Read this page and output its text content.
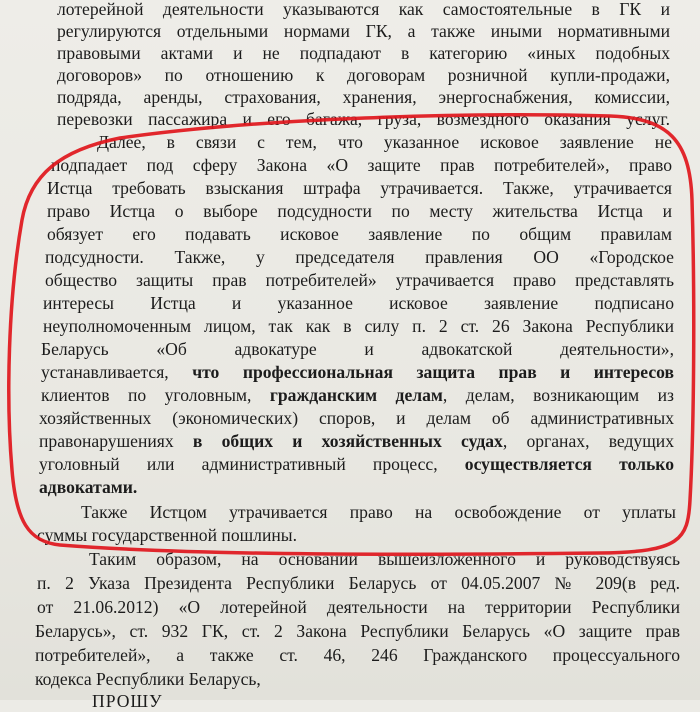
лотерейной деятельности указываются как самостоятельные в ГК и
регулируются отдельными нормами ГК, а также иными нормативными
правовыми актами и не подпадают в категорию «иных подобных
договоров» по отношению к договорам розничной купли-продажи,
подряда, аренды, страхования, хранения, энергоснабжения, комиссии,
перевозки пассажира и его багажа, груза, возмездного оказания услуг.
Далее, в связи с тем, что указанное исковое заявление не
подпадает под сферу Закона «О защите прав потребителей», право
Истца требовать взыскания штрафа утрачивается. Также, утрачивается
право Истца о выборе подсудности по месту жительства Истца и
обязует его подавать исковое заявление по общим правилам
подсудности. Также, у председателя правления ОО «Городское
общество защиты прав потребителей» утрачивается право представлять
интересы Истца и указанное исковое заявление подписано
неуполномоченным лицом, так как в силу п. 2 ст. 26 Закона Республики
Беларусь «Об адвокатуре и адвокатской деятельности»,
устанавливается, что профессиональная защита прав и интересов
клиентов по уголовным, гражданским делам, делам, возникающим из
хозяйственных (экономических) споров, и делам об административных
правонарушениях в общих и хозяйственных судах, органах, ведущих
уголовный или административный процесс, осуществляется только
адвокатами.
Также Истцом утрачивается право на освобождение от уплаты
суммы государственной пошлины.
Таким образом, на основании вышеизложенного и руководствуясь
п. 2 Указа Президента Республики Беларусь от 04.05.2007 № 209(в ред.
от 21.06.2012) «О лотерейной деятельности на территории Республики
Беларусь», ст. 932 ГК, ст. 2 Закона Республики Беларусь «О защите прав
потребителей», а также ст. 46, 246 Гражданского процессуального
кодекса Республики Беларусь,
ПРОШУ
